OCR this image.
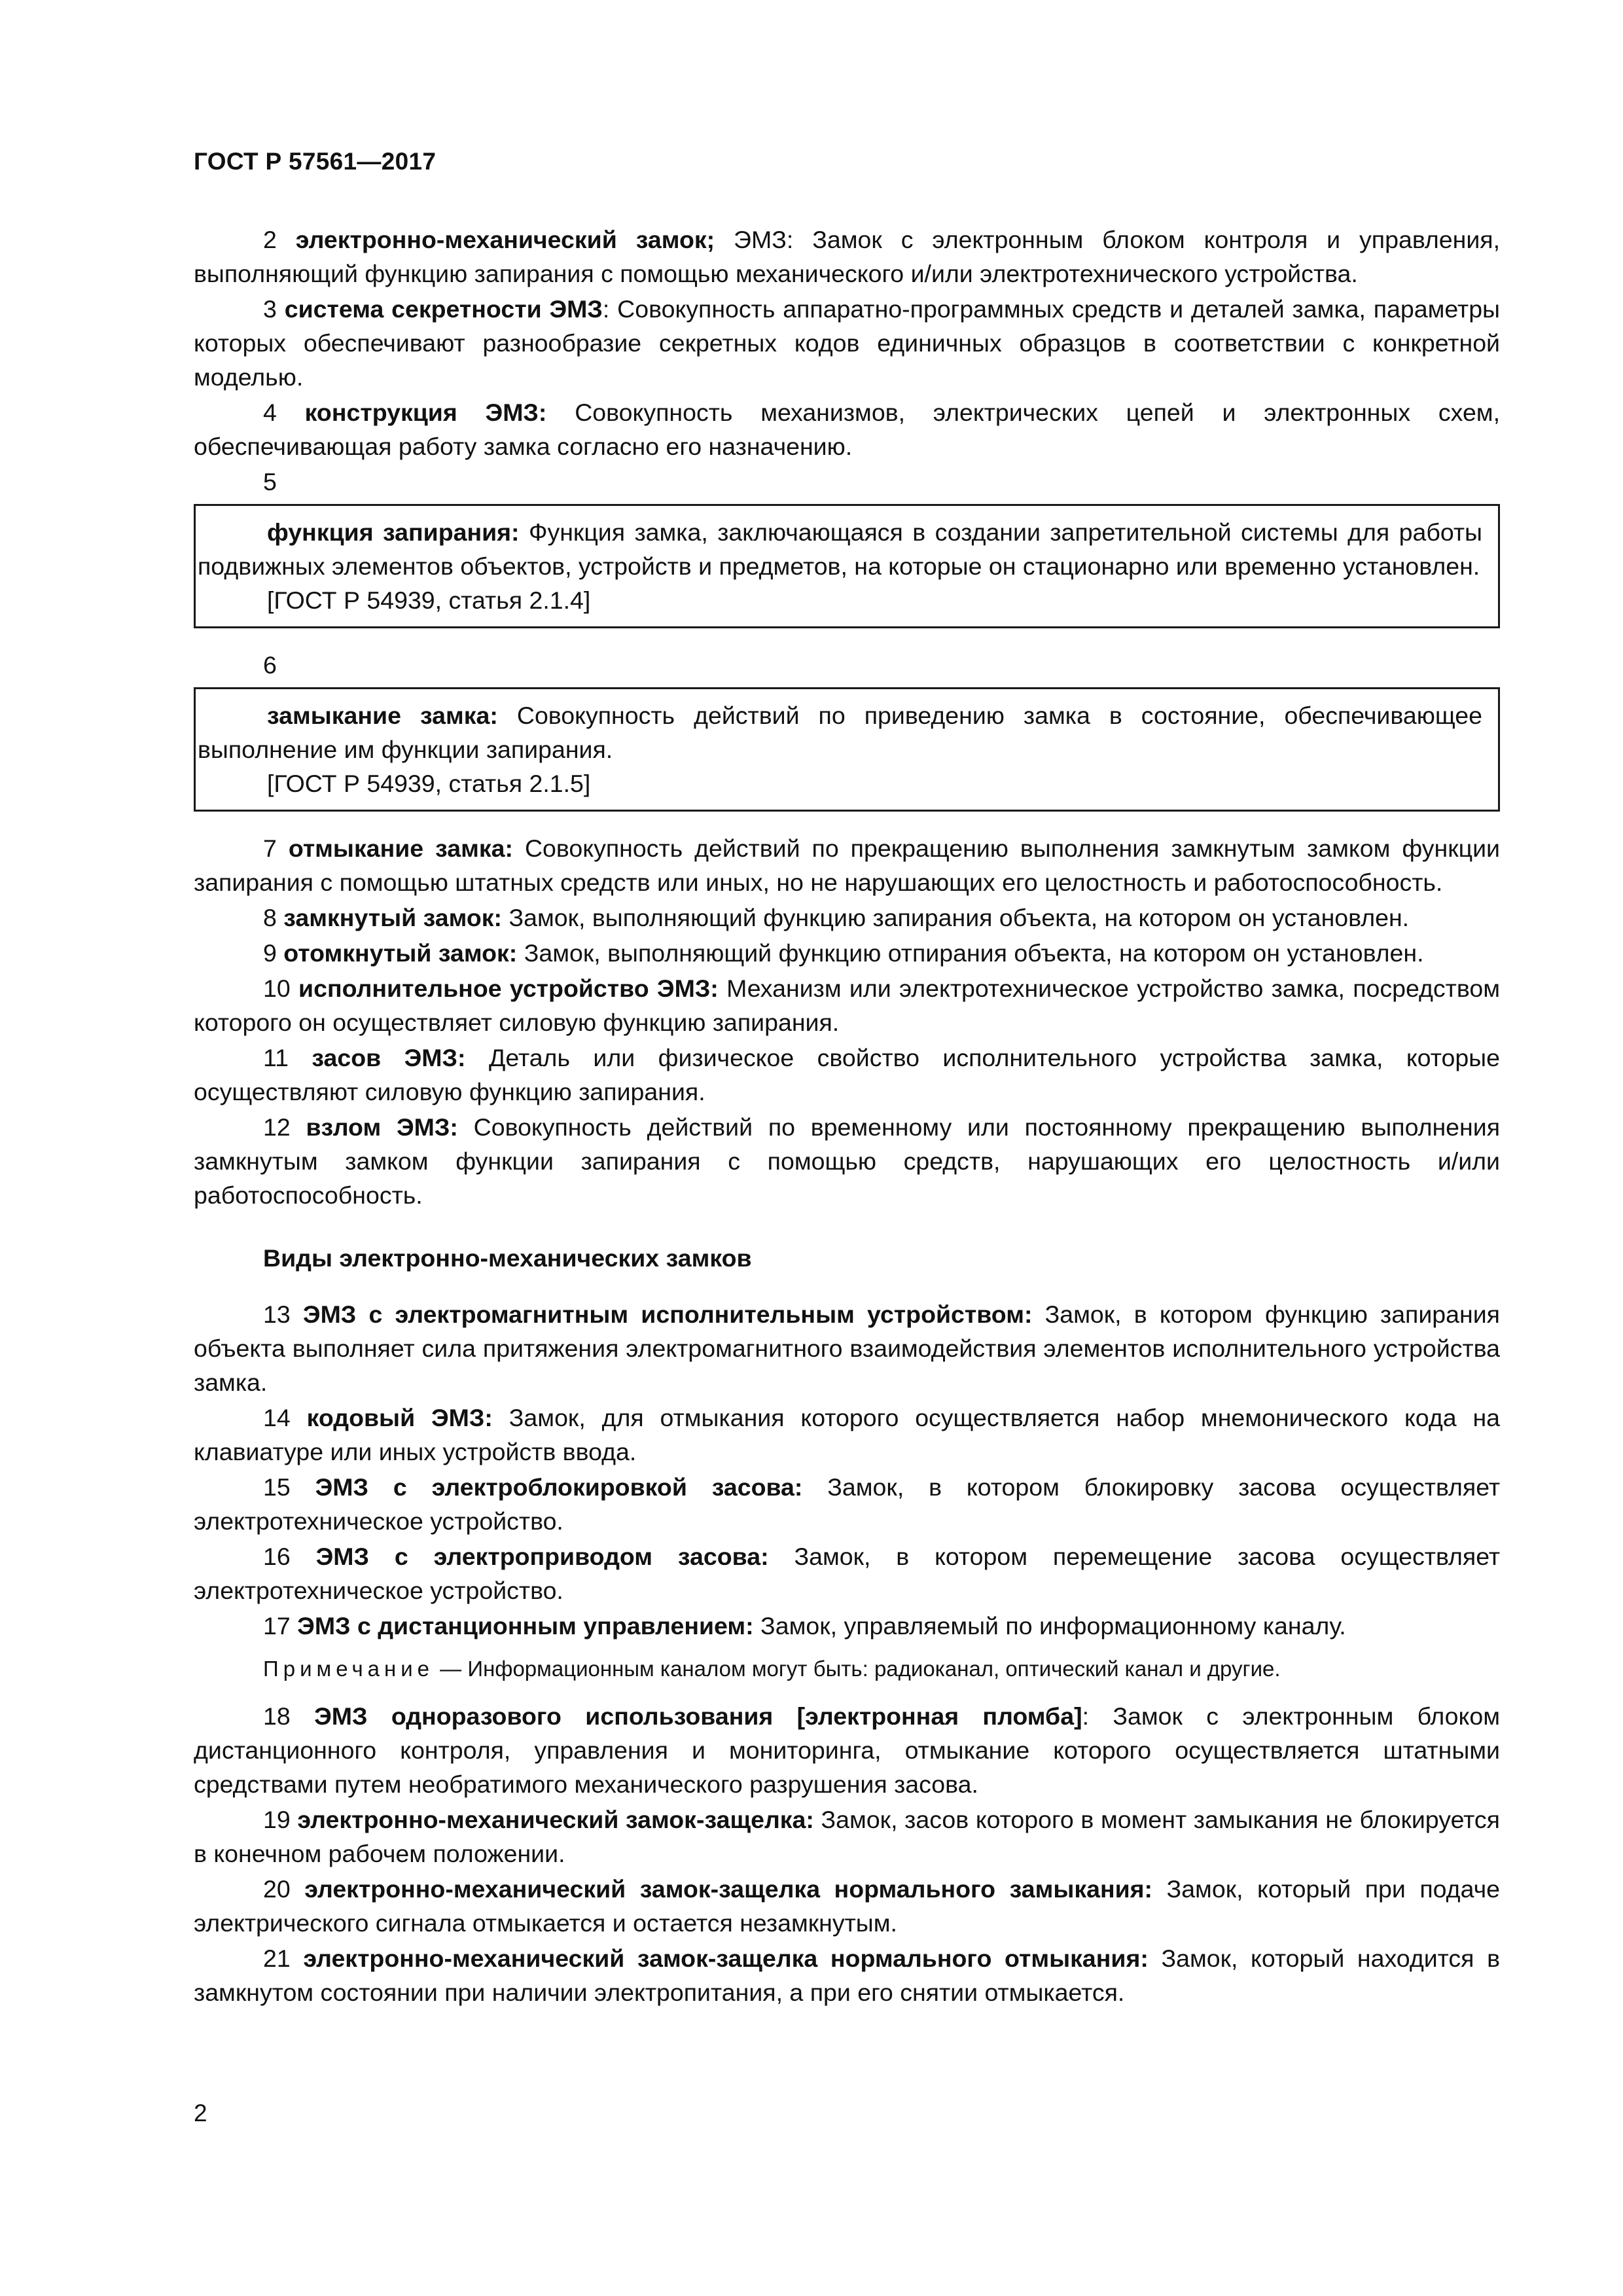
ГОСТ Р 57561—2017

2 электронно-механический замок; ЭМЗ: Замок с электронным блоком контроля и управления, выполняющий функцию запирания с помощью механического и/или электротехнического устройства.

3 система секретности ЭМЗ: Совокупность аппаратно-программных средств и деталей замка, параметры которых обеспечивают разнообразие секретных кодов единичных образцов в соответствии с конкретной моделью.

4 конструкция ЭМЗ: Совокупность механизмов, электрических цепей и электронных схем, обеспечивающая работу замка согласно его назначению.

5

функция запирания: Функция замка, заключающаяся в создании запретительной системы для работы подвижных элементов объектов, устройств и предметов, на которые он стационарно или временно установлен.

[ГОСТ Р 54939, статья 2.1.4]

6

замыкание замка: Совокупность действий по приведению замка в состояние, обеспечивающее выполнение им функции запирания.

[ГОСТ Р 54939, статья 2.1.5]

7 отмыкание замка: Совокупность действий по прекращению выполнения замкнутым замком функции запирания с помощью штатных средств или иных, но не нарушающих его целостность и работоспособность.

8 замкнутый замок: Замок, выполняющий функцию запирания объекта, на котором он установлен.

9 отомкнутый замок: Замок, выполняющий функцию отпирания объекта, на котором он установлен.

10 исполнительное устройство ЭМЗ: Механизм или электротехническое устройство замка, посредством которого он осуществляет силовую функцию запирания.

11 засов ЭМЗ: Деталь или физическое свойство исполнительного устройства замка, которые осуществляют силовую функцию запирания.

12 взлом ЭМЗ: Совокупность действий по временному или постоянному прекращению выполнения замкнутым замком функции запирания с помощью средств, нарушающих его целостность и/или работоспособность.

Виды электронно-механических замков

13 ЭМЗ с электромагнитным исполнительным устройством: Замок, в котором функцию запирания объекта выполняет сила притяжения электромагнитного взаимодействия элементов исполнительного устройства замка.

14 кодовый ЭМЗ: Замок, для отмыкания которого осуществляется набор мнемонического кода на клавиатуре или иных устройств ввода.

15 ЭМЗ с электроблокировкой засова: Замок, в котором блокировку засова осуществляет электротехническое устройство.

16 ЭМЗ с электроприводом засова: Замок, в котором перемещение засова осуществляет электротехническое устройство.

17 ЭМЗ с дистанционным управлением: Замок, управляемый по информационному каналу.

Примечание — Информационным каналом могут быть: радиоканал, оптический канал и другие.

18 ЭМЗ одноразового использования [электронная пломба]: Замок с электронным блоком дистанционного контроля, управления и мониторинга, отмыкание которого осуществляется штатными средствами путем необратимого механического разрушения засова.

19 электронно-механический замок-защелка: Замок, засов которого в момент замыкания не блокируется в конечном рабочем положении.

20 электронно-механический замок-защелка нормального замыкания: Замок, который при подаче электрического сигнала отмыкается и остается незамкнутым.

21 электронно-механический замок-защелка нормального отмыкания: Замок, который находится в замкнутом состоянии при наличии электропитания, а при его снятии отмыкается.

2
